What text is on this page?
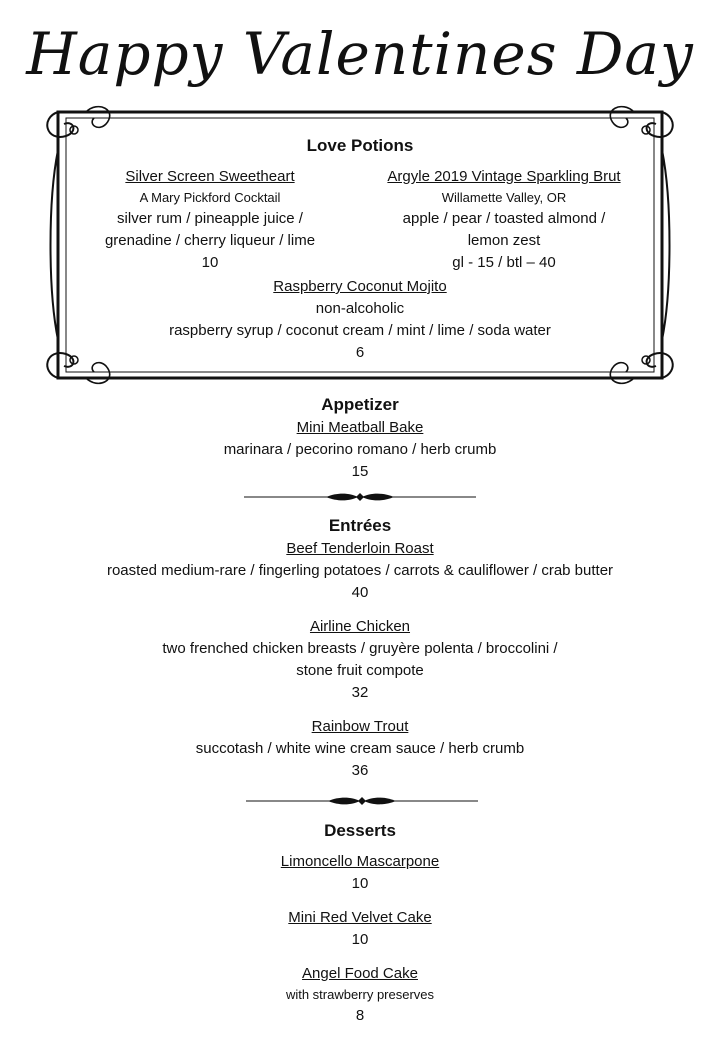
Happy Valentines Day
Love Potions
Silver Screen Sweetheart
A Mary Pickford Cocktail
silver rum / pineapple juice /
grenadine / cherry liqueur / lime
10
Argyle 2019 Vintage Sparkling Brut
Willamette Valley, OR
apple / pear / toasted almond /
lemon zest
gl - 15 / btl – 40
Raspberry Coconut Mojito
non-alcoholic
raspberry syrup / coconut cream / mint / lime / soda water
6
Appetizer
Mini Meatball Bake
marinara / pecorino romano / herb crumb
15
Entrées
Beef Tenderloin Roast
roasted medium-rare / fingerling potatoes / carrots & cauliflower / crab butter
40
Airline Chicken
two frenched chicken breasts / gruyère polenta / broccolini /
stone fruit compote
32
Rainbow Trout
succotash / white wine cream sauce / herb crumb
36
Desserts
Limoncello Mascarpone
10
Mini Red Velvet Cake
10
Angel Food Cake
with strawberry preserves
8
